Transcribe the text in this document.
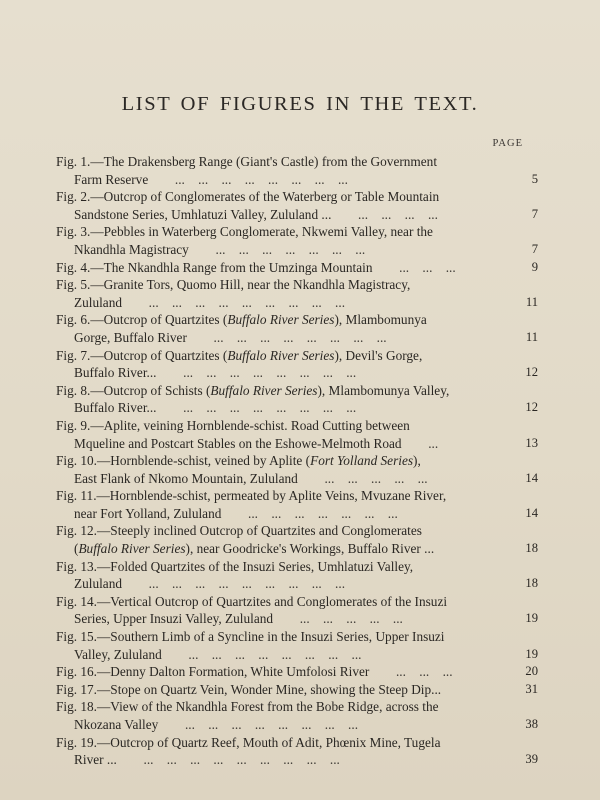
LIST OF FIGURES IN THE TEXT.
PAGE
Fig. 1.—The Drakensberg Range (Giant's Castle) from the Government
Farm Reserve  ... ... ... ... ... ... ... ...	5
Fig. 2.—Outcrop of Conglomerates of the Waterberg or Table Mountain
Sandstone Series, Umhlatuzi Valley, Zululand ...  ... ... ... ...	7
Fig. 3.—Pebbles in Waterberg Conglomerate, Nkwemi Valley, near the
Nkandhla Magistracy  ... ... ... ... ... ... ...	7
Fig. 4.—The Nkandhla Range from the Umzinga Mountain  ... ... ...	9
Fig. 5.—Granite Tors, Quomo Hill, near the Nkandhla Magistracy,
Zululand  ... ... ... ... ... ... ... ... ...	11
Fig. 6.—Outcrop of Quartzites (Buffalo River Series), Mlambomunya
Gorge, Buffalo River  ... ... ... ... ... ... ... ...	11
Fig. 7.—Outcrop of Quartzites (Buffalo River Series), Devil's Gorge,
Buffalo River...  ... ... ... ... ... ... ... ...	12
Fig. 8.—Outcrop of Schists (Buffalo River Series), Mlambomunya Valley,
Buffalo River...  ... ... ... ... ... ... ... ...	12
Fig. 9.—Aplite, veining Hornblende-schist. Road Cutting between
Mqueline and Postcart Stables on the Eshowe-Melmoth Road  ...	13
Fig. 10.—Hornblende-schist, veined by Aplite (Fort Yolland Series),
East Flank of Nkomo Mountain, Zululand  ... ... ... ... ...	14
Fig. 11.—Hornblende-schist, permeated by Aplite Veins, Mvuzane River,
near Fort Yolland, Zululand  ... ... ... ... ... ... ...	14
Fig. 12.—Steeply inclined Outcrop of Quartzites and Conglomerates
(Buffalo River Series), near Goodricke's Workings, Buffalo River ...	18
Fig. 13.—Folded Quartzites of the Insuzi Series, Umhlatuzi Valley,
Zululand  ... ... ... ... ... ... ... ... ...	18
Fig. 14.—Vertical Outcrop of Quartzites and Conglomerates of the Insuzi
Series, Upper Insuzi Valley, Zululand  ... ... ... ... ...	19
Fig. 15.—Southern Limb of a Syncline in the Insuzi Series, Upper Insuzi
Valley, Zululand  ... ... ... ... ... ... ... ...	19
Fig. 16.—Denny Dalton Formation, White Umfolosi River  ... ... ...	20
Fig. 17.—Stope on Quartz Vein, Wonder Mine, showing the Steep Dip...	31
Fig. 18.—View of the Nkandhla Forest from the Bobe Ridge, across the
Nkozana Valley  ... ... ... ... ... ... ... ...	38
Fig. 19.—Outcrop of Quartz Reef, Mouth of Adit, Phœnix Mine, Tugela
River ...  ... ... ... ... ... ... ... ... ...	39
